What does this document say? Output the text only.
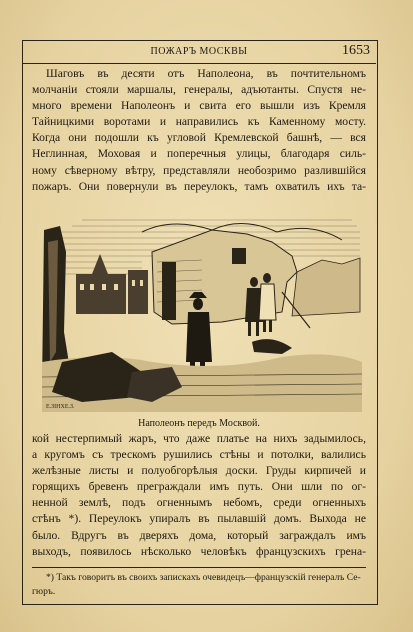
ПОЖАРЪ МОСКВЫ	1653
Шаговъ въ десяти отъ Наполеона, въ почтительномъ
молчаніи стояли маршалы, генералы, адъютанты. Спустя не-
много времени Наполеонъ и свита его вышли изъ Кремля
Тайницкими воротами и направились къ Каменному мосту.
Когда они подошли къ угловой Кремлевской башнѣ, — вся
Неглинная, Моховая и поперечныя улицы, благодаря силь-
ному сѣверному вѣтру, представляли необозримо разлившійся
пожаръ. Они повернули въ переулокъ, тамъ охватилъ ихъ та-
Е.ЗІНХЕ.З.
Наполеонъ передъ Москвой.
кой нестерпимый жаръ, что даже платье на нихъ задымилось,
а кругомъ съ трескомъ рушились стѣны и потолки, валились
желѣзные листы и полуобгорѣлыя доски. Груды кирпичей и
горящихъ бревенъ преграждали имъ путь. Они шли по ог-
ненной землѣ, подъ огненнымъ небомъ, среди огненныхъ
стѣнъ *). Переулокъ упиралъ въ пылавшій домъ. Выхода не
было. Вдругъ въ дверяхъ дома, который заграждалъ имъ
выходъ, появилось нѣсколько человѣкъ французскихъ грена-
*) Такъ говоритъ въ своихъ запискахъ очевидецъ—французскій генералъ Се-
гюръ.
